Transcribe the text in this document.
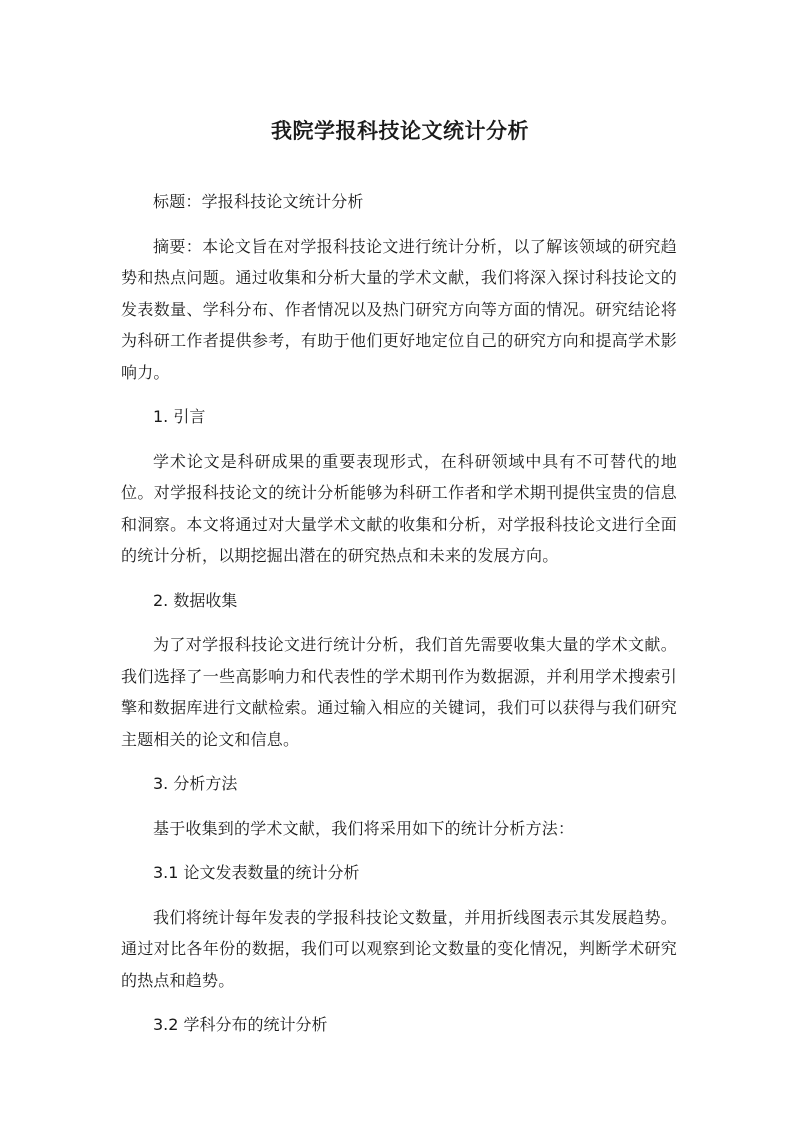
我院学报科技论文统计分析

标题：学报科技论文统计分析

摘要：本论文旨在对学报科技论文进行统计分析，以了解该领域的研究趋势和热点问题。通过收集和分析大量的学术文献，我们将深入探讨科技论文的发表数量、学科分布、作者情况以及热门研究方向等方面的情况。研究结论将为科研工作者提供参考，有助于他们更好地定位自己的研究方向和提高学术影响力。

1. 引言

学术论文是科研成果的重要表现形式，在科研领域中具有不可替代的地位。对学报科技论文的统计分析能够为科研工作者和学术期刊提供宝贵的信息和洞察。本文将通过对大量学术文献的收集和分析，对学报科技论文进行全面的统计分析，以期挖掘出潜在的研究热点和未来的发展方向。

2. 数据收集

为了对学报科技论文进行统计分析，我们首先需要收集大量的学术文献。我们选择了一些高影响力和代表性的学术期刊作为数据源，并利用学术搜索引擎和数据库进行文献检索。通过输入相应的关键词，我们可以获得与我们研究主题相关的论文和信息。

3. 分析方法

基于收集到的学术文献，我们将采用如下的统计分析方法：

3.1 论文发表数量的统计分析

我们将统计每年发表的学报科技论文数量，并用折线图表示其发展趋势。通过对比各年份的数据，我们可以观察到论文数量的变化情况，判断学术研究的热点和趋势。

3.2 学科分布的统计分析
